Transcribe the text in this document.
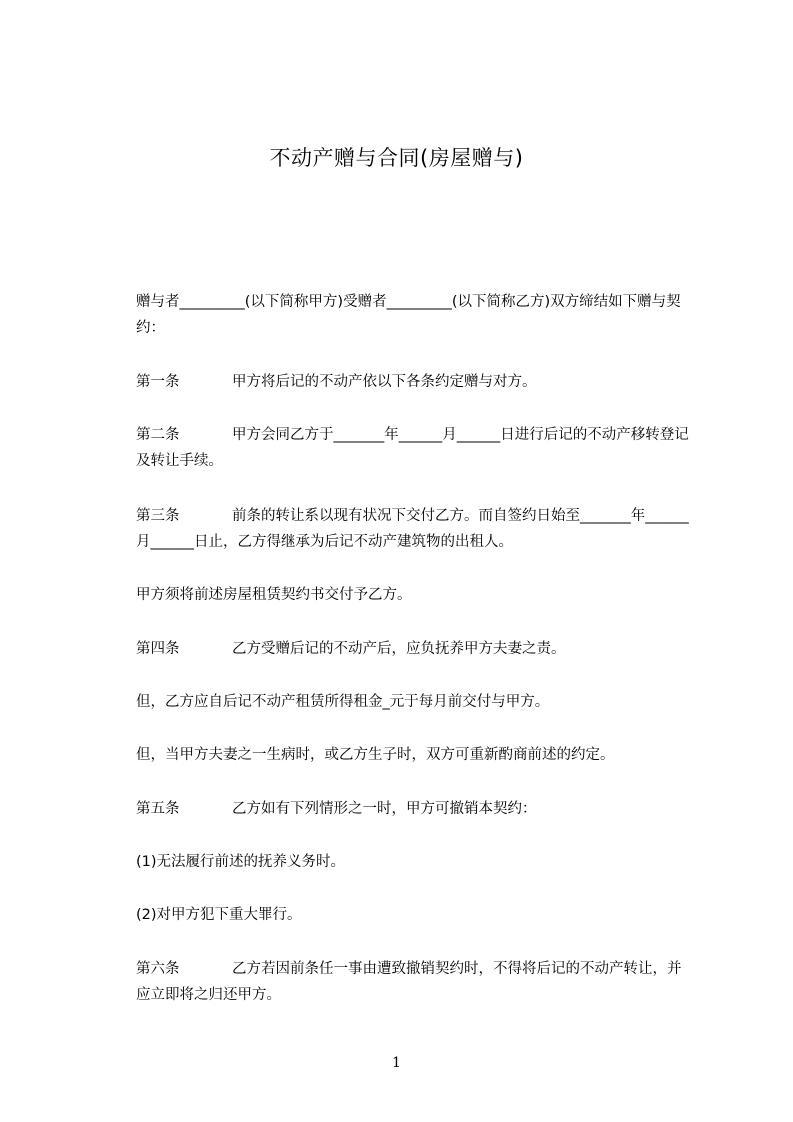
不动产赠与合同(房屋赠与)
赠与者_________(以下简称甲方)受赠者_________(以下简称乙方)双方缔结如下赠与契约：
第一条	甲方将后记的不动产依以下各条约定赠与对方。
第二条	甲方会同乙方于_______年______月______日进行后记的不动产移转登记及转让手续。
第三条	前条的转让系以现有状况下交付乙方。而自签约日始至_______年______月______日止，乙方得继承为后记不动产建筑物的出租人。
甲方须将前述房屋租赁契约书交付予乙方。
第四条	乙方受赠后记的不动产后，应负抚养甲方夫妻之责。
但，乙方应自后记不动产租赁所得租金_元于每月前交付与甲方。
但，当甲方夫妻之一生病时，或乙方生子时，双方可重新酌商前述的约定。
第五条	乙方如有下列情形之一时，甲方可撤销本契约：
(1)无法履行前述的抚养义务时。
(2)对甲方犯下重大罪行。
第六条	乙方若因前条任一事由遭致撤销契约时，不得将后记的不动产转让，并应立即将之归还甲方。
1
